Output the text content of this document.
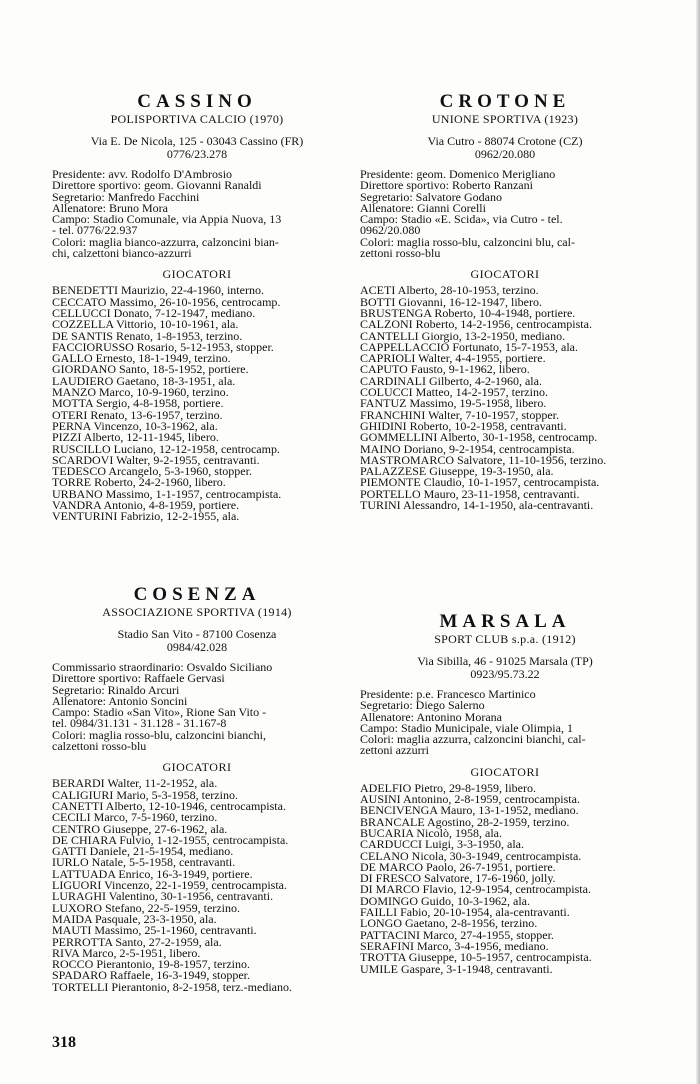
CASSINO
POLISPORTIVA CALCIO (1970)
Via E. De Nicola, 125 - 03043 Cassino (FR)
0776/23.278
Presidente: avv. Rodolfo D'Ambrosio
Direttore sportivo: geom. Giovanni Ranaldi
Segretario: Manfredo Facchini
Allenatore: Bruno Mora
Campo: Stadio Comunale, via Appia Nuova, 13
- tel. 0776/22.937
Colori: maglia bianco-azzurra, calzoncini bian-
chi, calzettoni bianco-azzurri
GIOCATORI
BENEDETTI Maurizio, 22-4-1960, interno.
CECCATO Massimo, 26-10-1956, centrocamp.
CELLUCCI Donato, 7-12-1947, mediano.
COZZELLA Vittorio, 10-10-1961, ala.
DE SANTIS Renato, 1-8-1953, terzino.
FACCIORUSSO Rosario, 5-12-1953, stopper.
GALLO Ernesto, 18-1-1949, terzino.
GIORDANO Santo, 18-5-1952, portiere.
LAUDIERO Gaetano, 18-3-1951, ala.
MANZO Marco, 10-9-1960, terzino.
MOTTA Sergio, 4-8-1958, portiere.
OTERI Renato, 13-6-1957, terzino.
PERNA Vincenzo, 10-3-1962, ala.
PIZZI Alberto, 12-11-1945, libero.
RUSCILLO Luciano, 12-12-1958, centrocamp.
SCARDOVI Walter, 9-2-1955, centravanti.
TEDESCO Arcangelo, 5-3-1960, stopper.
TORRE Roberto, 24-2-1960, libero.
URBANO Massimo, 1-1-1957, centrocampista.
VANDRA Antonio, 4-8-1959, portiere.
VENTURINI Fabrizio, 12-2-1955, ala.
CROTONE
UNIONE SPORTIVA (1923)
Via Cutro - 88074 Crotone (CZ)
0962/20.080
Presidente: geom. Domenico Merigliano
Direttore sportivo: Roberto Ranzani
Segretario: Salvatore Godano
Allenatore: Gianni Corelli
Campo: Stadio «E. Scida», via Cutro - tel.
0962/20.080
Colori: maglia rosso-blu, calzoncini blu, cal-
zettoni rosso-blu
GIOCATORI
ACETI Alberto, 28-10-1953, terzino.
BOTTI Giovanni, 16-12-1947, libero.
BRUSTENGA Roberto, 10-4-1948, portiere.
CALZONI Roberto, 14-2-1956, centrocampista.
CANTELLI Giorgio, 13-2-1950, mediano.
CAPPELLACCIO Fortunato, 15-7-1953, ala.
CAPRIOLI Walter, 4-4-1955, portiere.
CAPUTO Fausto, 9-1-1962, libero.
CARDINALI Gilberto, 4-2-1960, ala.
COLUCCI Matteo, 14-2-1957, terzino.
FANTUZ Massimo, 19-5-1958, libero.
FRANCHINI Walter, 7-10-1957, stopper.
GHIDINI Roberto, 10-2-1958, centravanti.
GOMMELLINI Alberto, 30-1-1958, centrocamp.
MAINO Doriano, 9-2-1954, centrocampista.
MASTROMARCO Salvatore, 11-10-1956, terzino.
PALAZZESE Giuseppe, 19-3-1950, ala.
PIEMONTE Claudio, 10-1-1957, centrocampista.
PORTELLO Mauro, 23-11-1958, centravanti.
TURINI Alessandro, 14-1-1950, ala-centravanti.
COSENZA
ASSOCIAZIONE SPORTIVA (1914)
Stadio San Vito - 87100 Cosenza
0984/42.028
Commissario straordinario: Osvaldo Siciliano
Direttore sportivo: Raffaele Gervasi
Segretario: Rinaldo Arcuri
Allenatore: Antonio Soncini
Campo: Stadio «San Vito», Rione San Vito -
tel. 0984/31.131 - 31.128 - 31.167-8
Colori: maglia rosso-blu, calzoncini bianchi,
calzettoni rosso-blu
GIOCATORI
BERARDI Walter, 11-2-1952, ala.
CALIGIURI Mario, 5-3-1958, terzino.
CANETTI Alberto, 12-10-1946, centrocampista.
CECILI Marco, 7-5-1960, terzino.
CENTRO Giuseppe, 27-6-1962, ala.
DE CHIARA Fulvio, 1-12-1955, centrocampista.
GATTI Daniele, 21-5-1954, mediano.
IURLO Natale, 5-5-1958, centravanti.
LATTUADA Enrico, 16-3-1949, portiere.
LIGUORI Vincenzo, 22-1-1959, centrocampista.
LURAGHI Valentino, 30-1-1956, centravanti.
LUXORO Stefano, 22-5-1959, terzino.
MAIDA Pasquale, 23-3-1950, ala.
MAUTI Massimo, 25-1-1960, centravanti.
PERROTTA Santo, 27-2-1959, ala.
RIVA Marco, 2-5-1951, libero.
ROCCO Pierantonio, 19-8-1957, terzino.
SPADARO Raffaele, 16-3-1949, stopper.
TORTELLI Pierantonio, 8-2-1958, terz.-mediano.
MARSALA
SPORT CLUB s.p.a. (1912)
Via Sibilla, 46 - 91025 Marsala (TP)
0923/95.73.22
Presidente: p.e. Francesco Martinico
Segretario: Diego Salerno
Allenatore: Antonino Morana
Campo: Stadio Municipale, viale Olimpia, 1
Colori: maglia azzurra, calzoncini bianchi, cal-
zettoni azzurri
GIOCATORI
ADELFIO Pietro, 29-8-1959, libero.
AUSINI Antonino, 2-8-1959, centrocampista.
BENCIVENGA Mauro, 13-1-1952, mediano.
BRANCALE Agostino, 28-2-1959, terzino.
BUCARIA Nicolò, 1958, ala.
CARDUCCI Luigi, 3-3-1950, ala.
CELANO Nicola, 30-3-1949, centrocampista.
DE MARCO Paolo, 26-7-1951, portiere.
DI FRESCO Salvatore, 17-6-1960, jolly.
DI MARCO Flavio, 12-9-1954, centrocampista.
DOMINGO Guido, 10-3-1962, ala.
FAILLI Fabio, 20-10-1954, ala-centravanti.
LONGO Gaetano, 2-8-1956, terzino.
PATTACINI Marco, 27-4-1955, stopper.
SERAFINI Marco, 3-4-1956, mediano.
TROTTA Giuseppe, 10-5-1957, centrocampista.
UMILE Gaspare, 3-1-1948, centravanti.
318
